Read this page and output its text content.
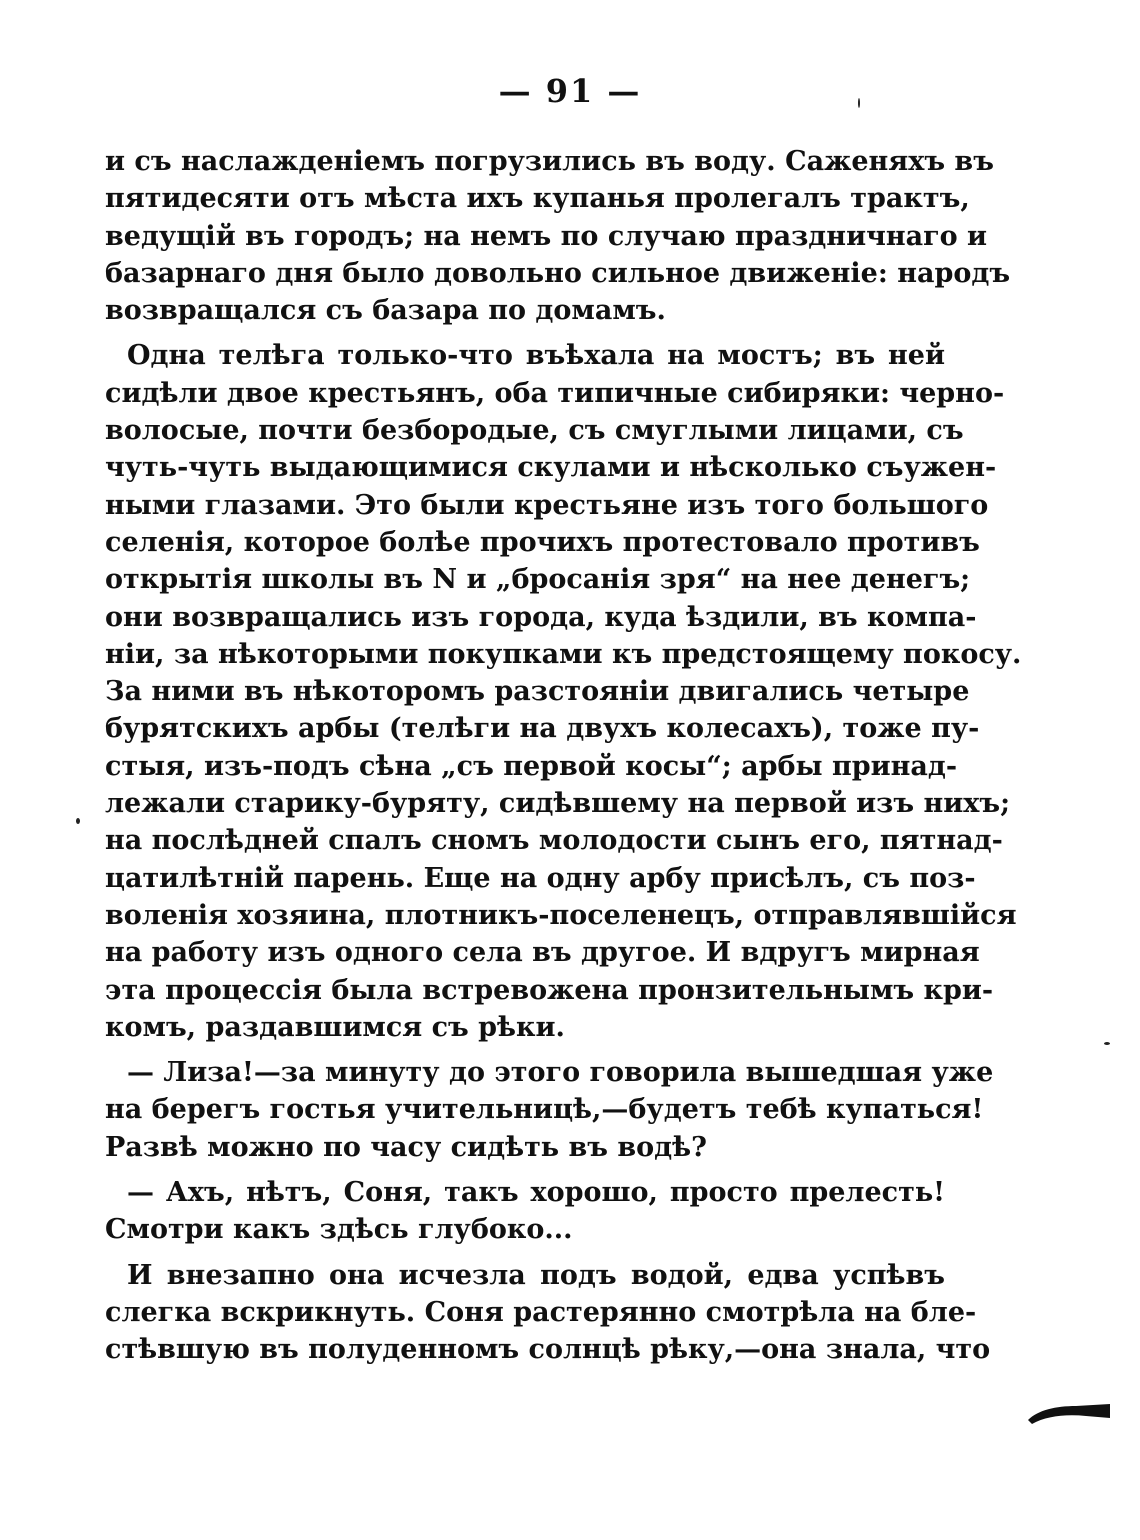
— 91 —
и съ наслажденіемъ погрузились въ воду. Саженяхъ въ
пятидесяти отъ мѣста ихъ купанья пролегалъ трактъ,
ведущій въ городъ; на немъ по случаю праздничнаго и
базарнаго дня было довольно сильное движеніе: народъ
возвращался съ базара по домамъ.
Одна телѣга только-что въѣхала на мостъ; въ ней
сидѣли двое крестьянъ, оба типичные сибиряки: черно-
волосые, почти безбородые, съ смуглыми лицами, съ
чуть-чуть выдающимися скулами и нѣсколько съужен-
ными глазами. Это были крестьяне изъ того большого
селенія, которое болѣе прочихъ протестовало противъ
открытія школы въ N и „бросанія зря“ на нее денегъ;
они возвращались изъ города, куда ѣздили, въ компа-
ніи, за нѣкоторыми покупками къ предстоящему покосу.
За ними въ нѣкоторомъ разстояніи двигались четыре
бурятскихъ арбы (телѣги на двухъ колесахъ), тоже пу-
стыя, изъ-подъ сѣна „съ первой косы“; арбы принад-
лежали старику-буряту, сидѣвшему на первой изъ нихъ;
на послѣдней спалъ сномъ молодости сынъ его, пятнад-
цатилѣтній парень. Еще на одну арбу присѣлъ, съ поз-
воленія хозяина, плотникъ-поселенецъ, отправлявшійся
на работу изъ одного села въ другое. И вдругъ мирная
эта процессія была встревожена пронзительнымъ кри-
комъ, раздавшимся съ рѣки.
— Лиза!—за минуту до этого говорила вышедшая уже
на берегъ гостья учительницѣ,—будетъ тебѣ купаться!
Развѣ можно по часу сидѣть въ водѣ?
— Ахъ, нѣтъ, Соня, такъ хорошо, просто прелесть!
Смотри какъ здѣсь глубоко...
И внезапно она исчезла подъ водой, едва успѣвъ
слегка вскрикнуть. Соня растерянно смотрѣла на бле-
стѣвшую въ полуденномъ солнцѣ рѣку,—она знала, что
